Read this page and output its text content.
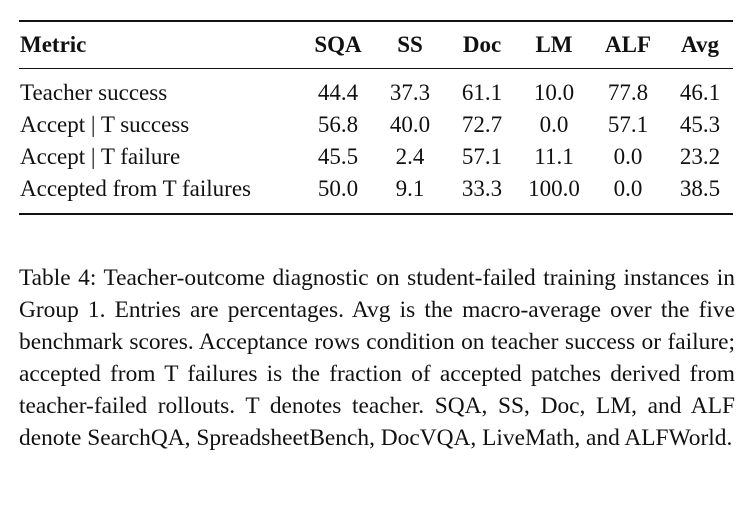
Metric	SQA	SS	Doc	LM	ALF	Avg
Teacher success	44.4	37.3	61.1	10.0	77.8	46.1
Accept | T success	56.8	40.0	72.7	0.0	57.1	45.3
Accept | T failure	45.5	2.4	57.1	11.1	0.0	23.2
Accepted from T failures	50.0	9.1	33.3	100.0	0.0	38.5

Table 4: Teacher-outcome diagnostic on student-failed training instances in Group 1. Entries are percentages. Avg is the macro-average over the five benchmark scores. Acceptance rows condition on teacher success or failure; accepted from T failures is the fraction of accepted patches derived from teacher-failed rollouts. T denotes teacher. SQA, SS, Doc, LM, and ALF denote SearchQA, SpreadsheetBench, DocVQA, LiveMath, and ALFWorld.
